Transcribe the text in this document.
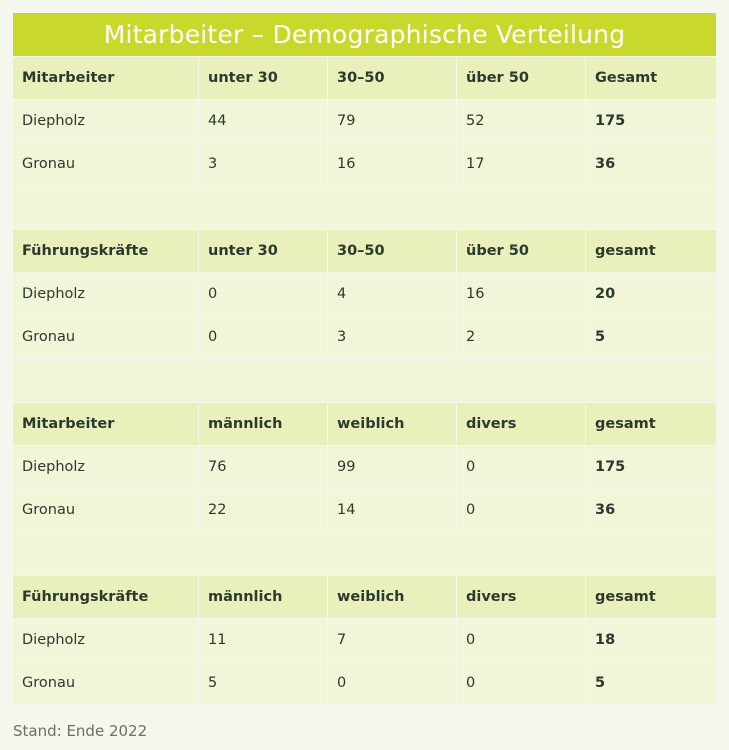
Mitarbeiter – Demographische Verteilung
Mitarbeiter	unter 30	30–50	über 50	Gesamt
Diepholz	44	79	52	175
Gronau	3	16	17	36

Führungskräfte	unter 30	30–50	über 50	gesamt
Diepholz	0	4	16	20
Gronau	0	3	2	5

Mitarbeiter	männlich	weiblich	divers	gesamt
Diepholz	76	99	0	175
Gronau	22	14	0	36

Führungskräfte	männlich	weiblich	divers	gesamt
Diepholz	11	7	0	18
Gronau	5	0	0	5
Stand: Ende 2022
